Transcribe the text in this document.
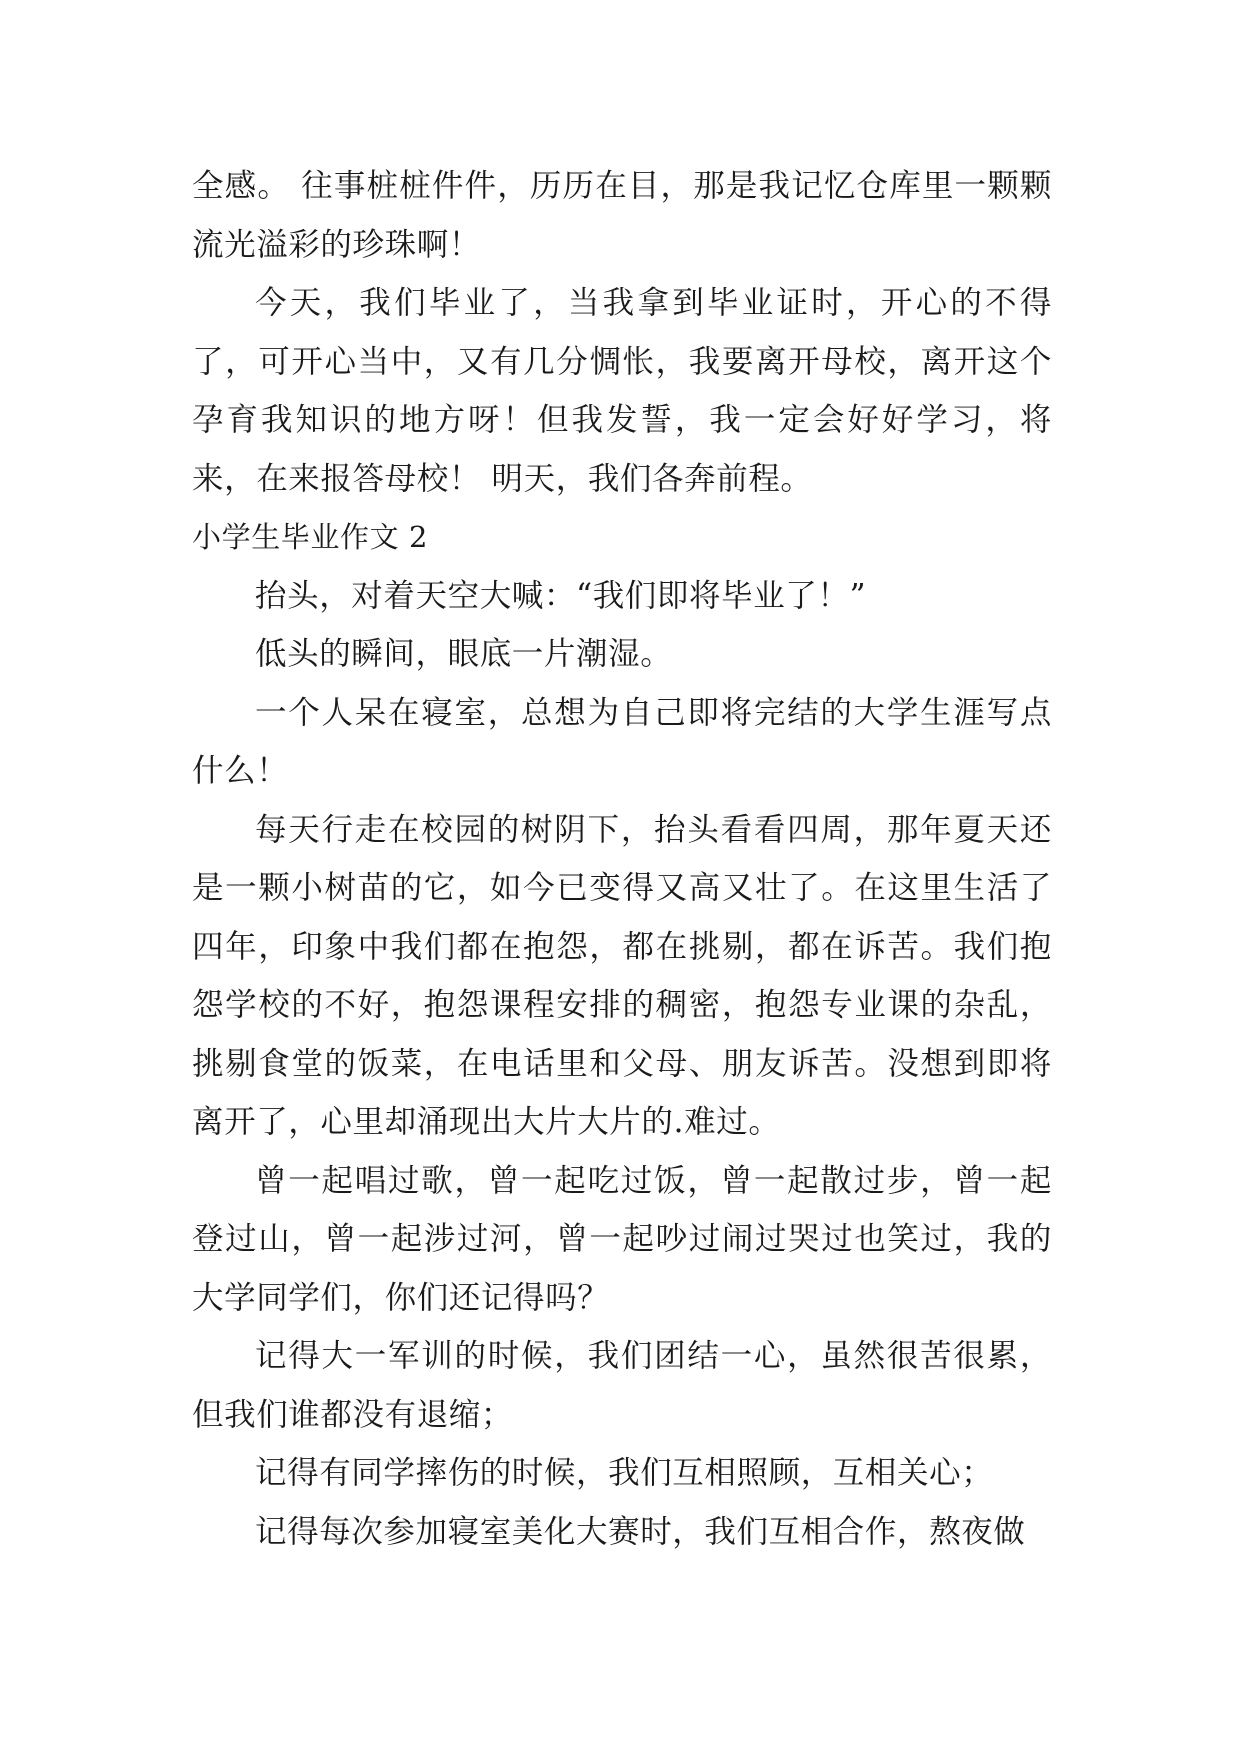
全感。 往事桩桩件件，历历在目，那是我记忆仓库里一颗颗流光溢彩的珍珠啊！

今天，我们毕业了，当我拿到毕业证时，开心的不得了，可开心当中，又有几分惆怅，我要离开母校，离开这个孕育我知识的地方呀！但我发誓，我一定会好好学习，将来，在来报答母校！ 明天，我们各奔前程。

小学生毕业作文 2

抬头，对着天空大喊：“我们即将毕业了！”

低头的瞬间，眼底一片潮湿。

一个人呆在寝室，总想为自己即将完结的大学生涯写点什么！

每天行走在校园的树阴下，抬头看看四周，那年夏天还是一颗小树苗的它，如今已变得又高又壮了。在这里生活了四年，印象中我们都在抱怨，都在挑剔，都在诉苦。我们抱怨学校的不好，抱怨课程安排的稠密，抱怨专业课的杂乱，挑剔食堂的饭菜，在电话里和父母、朋友诉苦。没想到即将离开了，心里却涌现出大片大片的.难过。

曾一起唱过歌，曾一起吃过饭，曾一起散过步，曾一起登过山，曾一起涉过河，曾一起吵过闹过哭过也笑过，我的大学同学们，你们还记得吗？

记得大一军训的时候，我们团结一心，虽然很苦很累，但我们谁都没有退缩；

记得有同学摔伤的时候，我们互相照顾，互相关心；

记得每次参加寝室美化大赛时，我们互相合作，熬夜做
